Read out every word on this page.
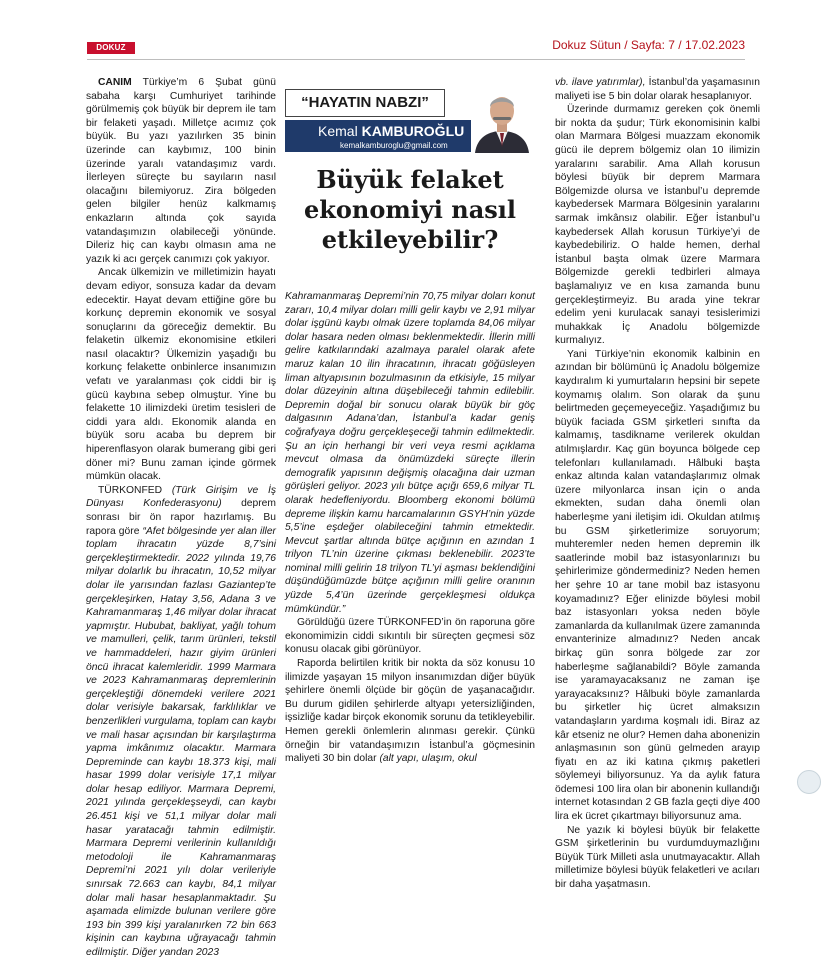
DOKUZ	Dokuz Sütun / Sayfa: 7 / 17.02.2023

CANIM Türkiye’m 6 Şubat günü sabaha karşı Cumhuriyet tarihinde görülmemiş çok büyük bir deprem ile tam bir felaketi yaşadı. Milletçe acımız çok büyük. Bu yazı yazılırken 35 binin üzerinde can kaybımız, 100 binin üzerinde yaralı vatandaşımız vardı. İlerleyen süreçte bu sayıların nasıl olacağını bilemiyoruz. Zira bölgeden gelen bilgiler henüz kalkmamış enkazların altında çok sayıda vatandaşımızın olabileceği yönünde. Dileriz hiç can kaybı olmasın ama ne yazık ki acı gerçek canımızı çok yakıyor.

Ancak ülkemizin ve milletimizin hayatı devam ediyor, sonsuza kadar da devam edecektir. Hayat devam ettiğine göre bu korkunç depremin ekonomik ve sosyal sonuçlarını da göreceğiz demektir. Bu felaketin ülkemiz ekonomisine etkileri nasıl olacaktır? Ülkemizin yaşadığı bu korkunç felakette onbinlerce insanımızın vefatı ve yaralanması çok ciddi bir iş gücü kaybına sebep olmuştur. Yine bu felakette 10 ilimizdeki üretim tesisleri de ciddi yara aldı. Ekonomik alanda en büyük soru acaba bu deprem bir hiperenflasyon olarak bumerang gibi geri döner mi? Bunu zaman içinde görmek mümkün olacak.

TÜRKONFED (Türk Girişim ve İş Dünyası Konfederasyonu) deprem sonrası bir ön rapor hazırlamış. Bu rapora göre “Afet bölgesinde yer alan iller toplam ihracatın yüzde 8,7’sini gerçekleştirmektedir. 2022 yılında 19,76 milyar dolarlık bu ihracatın, 10,52 milyar dolar ile yarısından fazlası Gaziantep’te gerçekleşirken, Hatay 3,56, Adana 3 ve Kahramanmaraş 1,46 milyar dolar ihracat yapmıştır. Hububat, bakliyat, yağlı tohum ve mamulleri, çelik, tarım ürünleri, tekstil ve hammaddeleri, hazır giyim ürünleri öncü ihracat kalemleridir. 1999 Marmara ve 2023 Kahramanmaraş depremlerinin gerçekleştiği dönemdeki verilere 2021 dolar verisiyle bakarsak, farklılıklar ve benzerlikleri vurgulama, toplam can kaybı ve mali hasar açısından bir karşılaştırma yapma imkânımız olacaktır. Marmara Depreminde can kaybı 18.373 kişi, mali hasar 1999 dolar verisiyle 17,1 milyar dolar hesap ediliyor. Marmara Depremi, 2021 yılında gerçekleşseydi, can kaybı 26.451 kişi ve 51,1 milyar dolar mali hasar yaratacağı tahmin edilmiştir. Marmara Depremi verilerinin kullanıldığı metodoloji ile Kahramanmaraş Depremi’ni 2021 yılı dolar verileriyle sınırsak 72.663 can kaybı, 84,1 milyar dolar mali hasar hesaplanmaktadır. Şu aşamada elimizde bulunan verilere göre 193 bin 399 kişi yaralanırken 72 bin 663 kişinin can kaybına uğrayacağı tahmin edilmiştir. Diğer yandan 2023

“HAYATIN NABZI”
Kemal KAMBUROĞLU
kemalkamburoglu@gmail.com
Büyük felaket ekonomiyi nasıl etkileyebilir?

Kahramanmaraş Depremi’nin 70,75 milyar doları konut zararı, 10,4 milyar doları milli gelir kaybı ve 2,91 milyar dolar işgünü kaybı olmak üzere toplamda 84,06 milyar dolar hasara neden olması beklenmektedir. İllerin milli gelire katkılarındaki azalmaya paralel olarak afete maruz kalan 10 ilin ihracatının, ihracatı göğüsleyen liman altyapısının bozulmasının da etkisiyle, 15 milyar dolar düzeyinin altına düşebileceği tahmin edilebilir. Depremin doğal bir sonucu olarak büyük bir göç dalgasının Adana’dan, İstanbul’a kadar geniş coğrafyaya doğru gerçekleşeceği tahmin edilmektedir. Şu an için herhangi bir veri veya resmi açıklama mevcut olmasa da önümüzdeki süreçte illerin demografik yapısının değişmiş olacağına dair uzman görüşleri geliyor. 2023 yılı bütçe açığı 659,6 milyar TL olarak hedefleniyordu. Bloomberg ekonomi bölümü depreme ilişkin kamu harcamalarının GSYH’nin yüzde 5,5’ine eşdeğer olabileceğini tahmin etmektedir. Mevcut şartlar altında bütçe açığının en azından 1 trilyon TL’nin üzerine çıkması beklenebilir. 2023’te nominal milli gelirin 18 trilyon TL’yi aşması beklendiğini düşündüğümüzde bütçe açığının milli gelire oranının yüzde 5,4’ün üzerinde gerçekleşmesi oldukça mümkündür.”

Görüldüğü üzere TÜRKONFED’in ön raporuna göre ekonomimizin ciddi sıkıntılı bir süreçten geçmesi söz konusu olacak gibi görünüyor.

Raporda belirtilen kritik bir nokta da söz konusu 10 ilimizde yaşayan 15 milyon insanımızdan diğer büyük şehirlere önemli ölçüde bir göçün de yaşanacağıdır. Bu durum gidilen şehirlerde altyapı yetersizliğinden, işsizliğe kadar birçok ekonomik sorunu da tetikleyebilir. Hemen gerekli önlemlerin alınması gerekir. Çünkü örneğin bir vatandaşımızın İstanbul’a göçmesinin maliyeti 30 bin dolar (alt yapı, ulaşım, okul

vb. ilave yatırımlar), İstanbul’da yaşamasının maliyeti ise 5 bin dolar olarak hesaplanıyor.

Üzerinde durmamız gereken çok önemli bir nokta da şudur; Türk ekonomisinin kalbi olan Marmara Bölgesi muazzam ekonomik gücü ile deprem bölgemiz olan 10 ilimizin yaralarını sarabilir. Ama Allah korusun böylesi büyük bir deprem Marmara Bölgemizde olursa ve İstanbul’u depremde kaybedersek Marmara Bölgesinin yaralarını sarmak imkânsız olabilir. Eğer İstanbul’u kaybedersek Allah korusun Türkiye’yi de kaybedebiliriz. O halde hemen, derhal İstanbul başta olmak üzere Marmara Bölgemizde gerekli tedbirleri almaya başlamalıyız ve en kısa zamanda bunu gerçekleştirmeyiz. Bu arada yine tekrar edelim yeni kurulacak sanayi tesislerimizi muhakkak İç Anadolu bölgemizde kurmalıyız.

Yani Türkiye’nin ekonomik kalbinin en azından bir bölümünü İç Anadolu bölgemize kaydıralım ki yumurtaların hepsini bir sepete koymamış olalım. Son olarak da şunu belirtmeden geçemeyeceğiz. Yaşadığımız bu büyük faciada GSM şirketleri sınıfta da kalmamış, tasdiknamе verilerek okuldan atılmışlardır. Kaç gün boyunca bölgede cep telefonları kullanılamadı. Hâlbuki başta enkaz altında kalan vatandaşlarımız olmak üzere milyonlarca insan için o anda ekmekten, sudan daha önemli olan haberleşme yani iletişim idi. Okuldan atılmış bu GSM şirketlerimize soruyorum; muhteremler neden hemen depremin ilk saatlerinde mobil baz istasyonlarınızı bu şehirlerimize göndermediniz? Neden hemen her şehre 10 ar tane mobil baz istasyonu koyamadınız? Eğer elinizde böylesi mobil baz istasyonları yoksa neden böyle zamanlarda da kullanılmak üzere zamanında envanterinize almadınız? Neden ancak birkaç gün sonra bölgede zar zor haberleşme sağlanabildi? Böyle zamanda ise yaramayacaksanız ne zaman işe yarayacaksınız? Hâlbuki böyle zamanlarda bu şirketler hiç ücret almaksızın vatandaşların yardıma koşmalı idi. Biraz az kâr etseniz ne olur? Hemen daha abonenizin anlaşmasının son günü gelmeden arayıp fiyatı en az iki katına çıkmış paketleri söylemeyi biliyorsunuz. Ya da aylık fatura ödemesi 100 lira olan bir abonenin kullandığı internet kotasından 2 GB fazla geçti diye 400 lira ek ücret çıkartmayı biliyorsunuz ama.

Ne yazık ki böylesi büyük bir felakette GSM şirketlerinin bu vurdumduymazlığını Büyük Türk Milleti asla unutmayacaktır. Allah milletimize böylesi büyük felaketleri ve acıları bir daha yaşatmasın.
